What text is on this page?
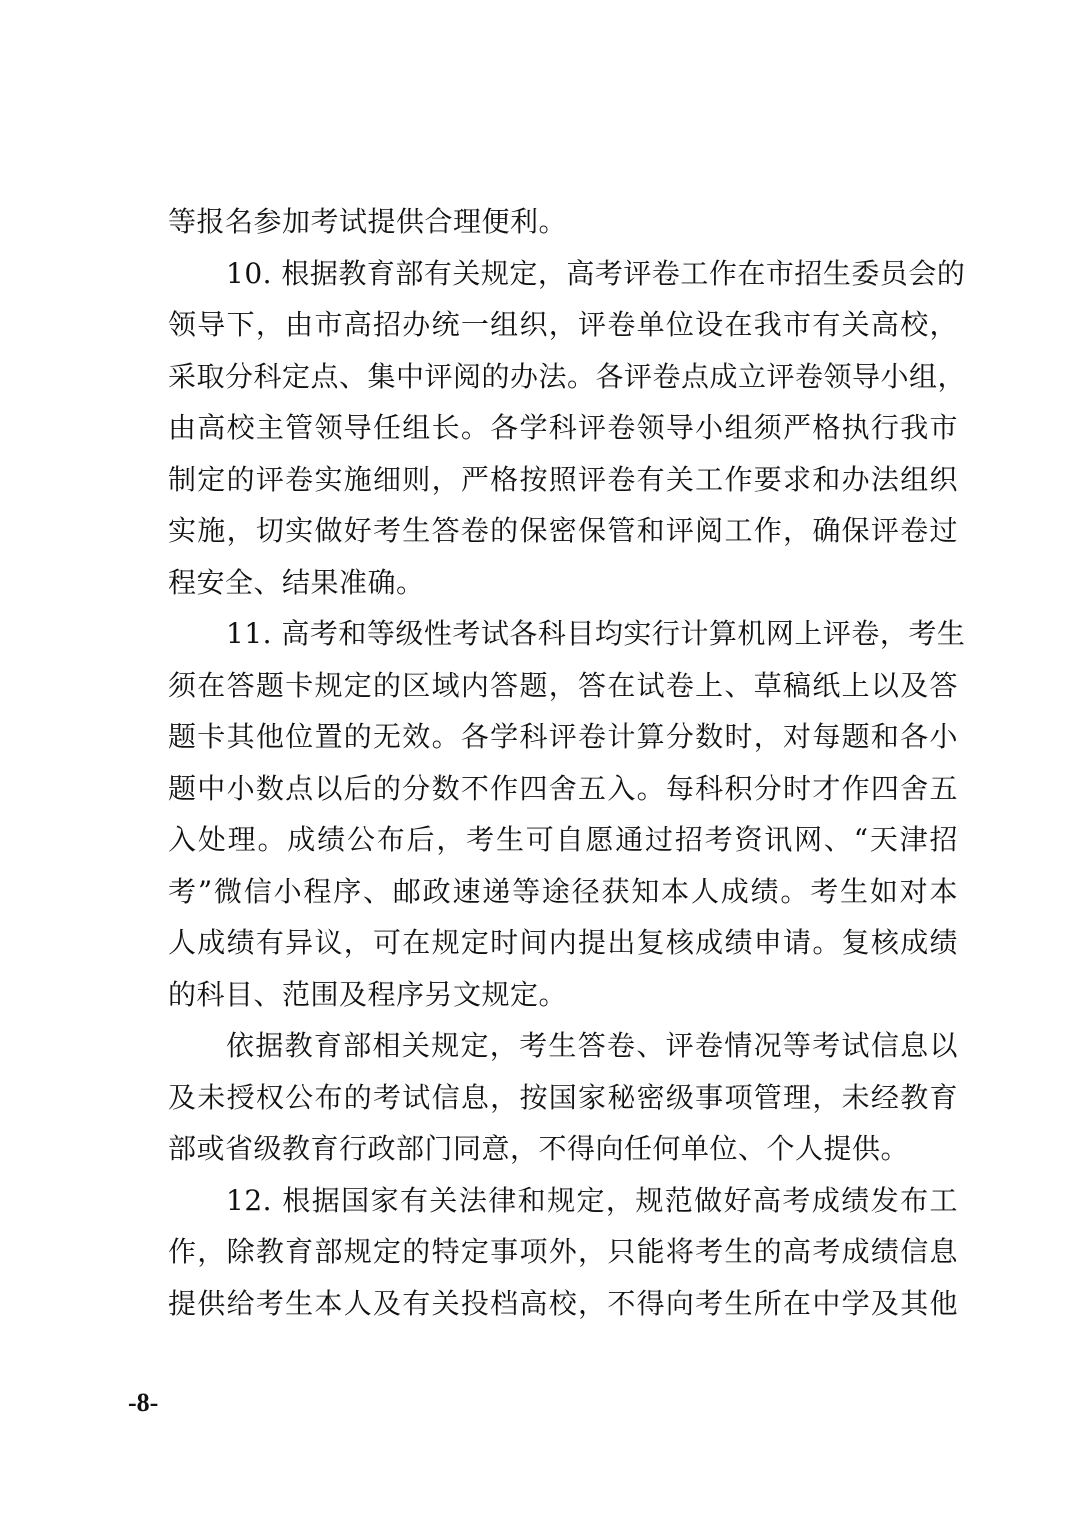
等报名参加考试提供合理便利。
10. 根据教育部有关规定，高考评卷工作在市招生委员会的
领导下，由市高招办统一组织，评卷单位设在我市有关高校，
采取分科定点、集中评阅的办法。各评卷点成立评卷领导小组，
由高校主管领导任组长。各学科评卷领导小组须严格执行我市
制定的评卷实施细则，严格按照评卷有关工作要求和办法组织
实施，切实做好考生答卷的保密保管和评阅工作，确保评卷过
程安全、结果准确。
11. 高考和等级性考试各科目均实行计算机网上评卷，考生
须在答题卡规定的区域内答题，答在试卷上、草稿纸上以及答
题卡其他位置的无效。各学科评卷计算分数时，对每题和各小
题中小数点以后的分数不作四舍五入。每科积分时才作四舍五
入处理。成绩公布后，考生可自愿通过招考资讯网、“天津招
考”微信小程序、邮政速递等途径获知本人成绩。考生如对本
人成绩有异议，可在规定时间内提出复核成绩申请。复核成绩
的科目、范围及程序另文规定。
依据教育部相关规定，考生答卷、评卷情况等考试信息以
及未授权公布的考试信息，按国家秘密级事项管理，未经教育
部或省级教育行政部门同意，不得向任何单位、个人提供。
12. 根据国家有关法律和规定，规范做好高考成绩发布工
作，除教育部规定的特定事项外，只能将考生的高考成绩信息
提供给考生本人及有关投档高校，不得向考生所在中学及其他
-8-
